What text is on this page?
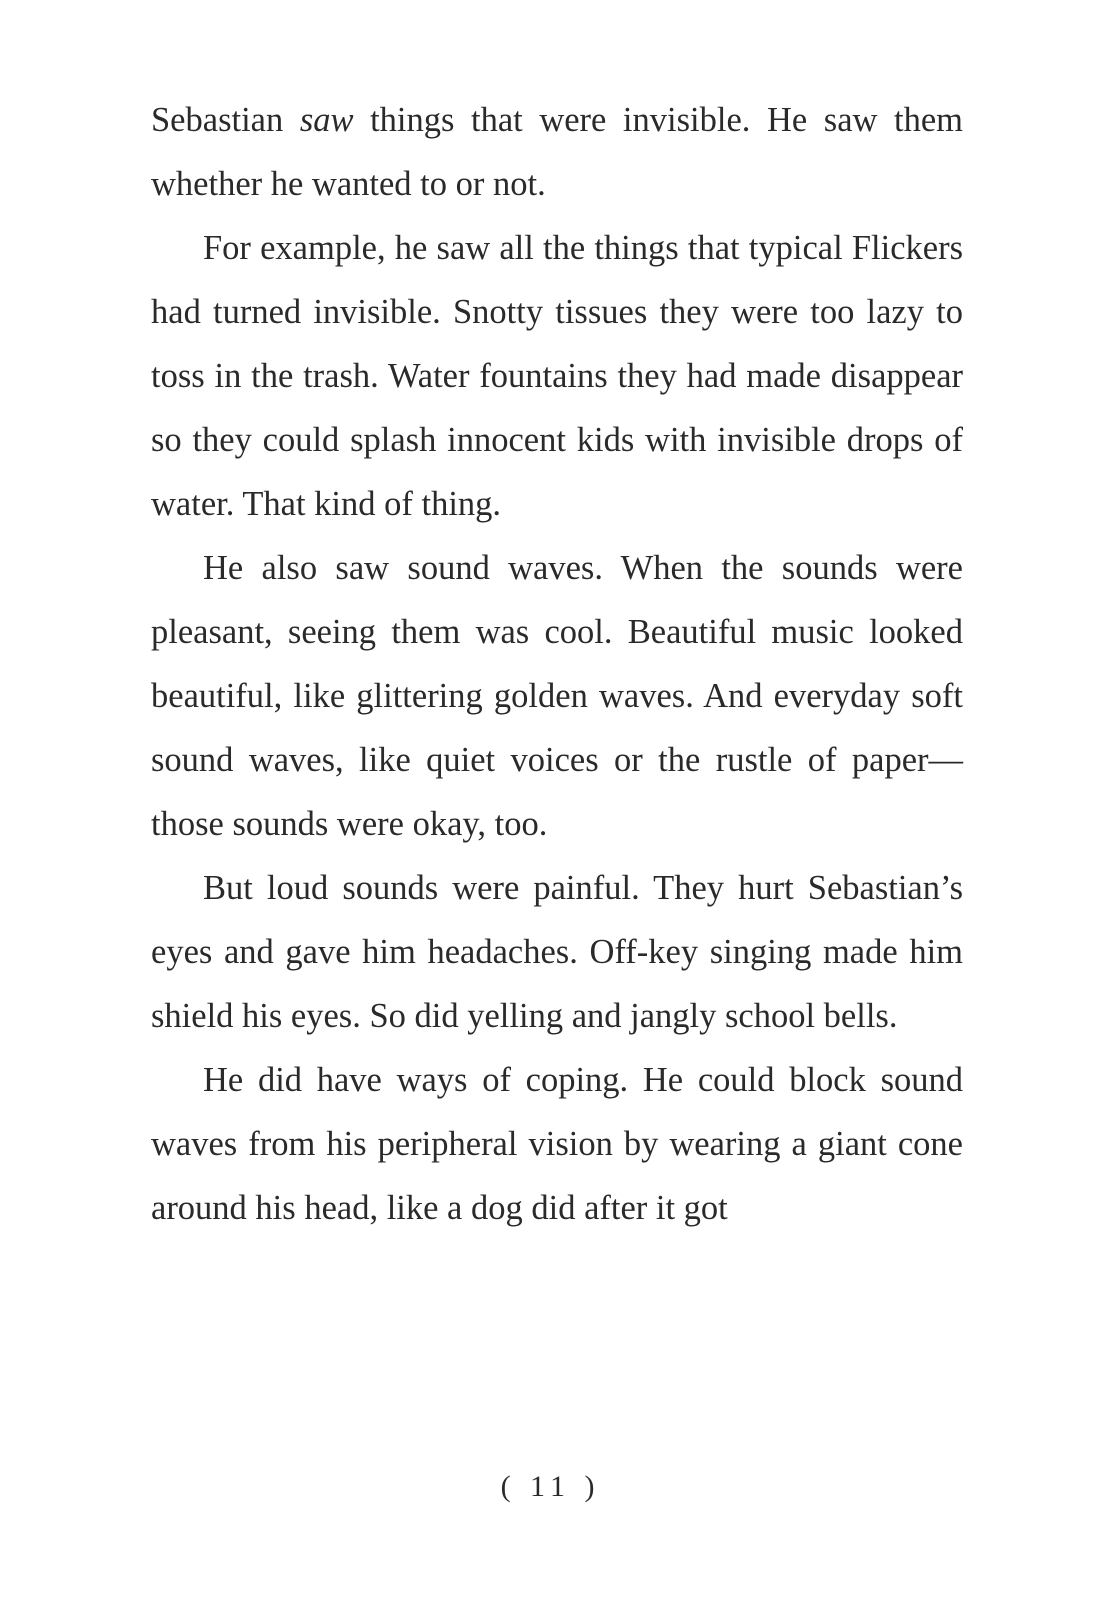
Sebastian saw things that were invisible. He saw them whether he wanted to or not.

For example, he saw all the things that typical Flickers had turned invisible. Snotty tissues they were too lazy to toss in the trash. Water fountains they had made disappear so they could splash innocent kids with invisible drops of water. That kind of thing.

He also saw sound waves. When the sounds were pleasant, seeing them was cool. Beautiful music looked beautiful, like glittering golden waves. And everyday soft sound waves, like quiet voices or the rustle of paper—those sounds were okay, too.

But loud sounds were painful. They hurt Sebastian’s eyes and gave him headaches. Off-key singing made him shield his eyes. So did yelling and jangly school bells.

He did have ways of coping. He could block sound waves from his peripheral vision by wearing a giant cone around his head, like a dog did after it got

( 11 )
